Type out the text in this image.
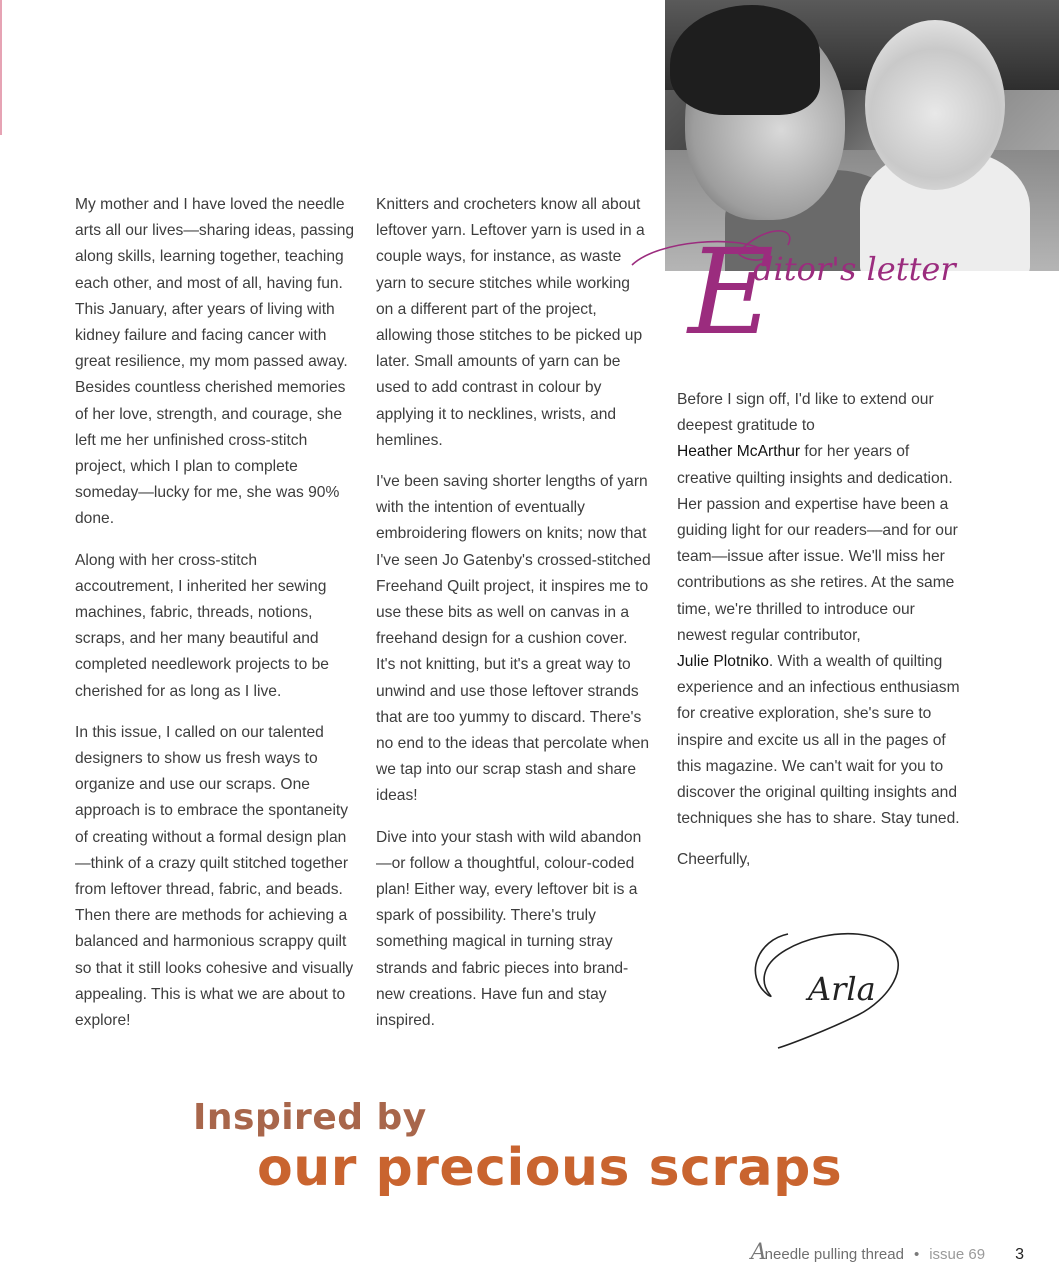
E
ditor's letter

My mother and I have loved the needle arts all our lives—sharing ideas, passing along skills, learning together, teaching each other, and most of all, having fun. This January, after years of living with kidney failure and facing cancer with great resilience, my mom passed away. Besides countless cherished memories of her love, strength, and courage, she left me her unfinished cross-stitch project, which I plan to complete someday—lucky for me, she was 90% done.

Along with her cross-stitch accoutrement, I inherited her sewing machines, fabric, threads, notions, scraps, and her many beautiful and completed needlework projects to be cherished for as long as I live.

In this issue, I called on our talented designers to show us fresh ways to organize and use our scraps. One approach is to embrace the spontaneity of creating without a formal design plan—think of a crazy quilt stitched together from leftover thread, fabric, and beads. Then there are methods for achieving a balanced and harmonious scrappy quilt so that it still looks cohesive and visually appealing. This is what we are about to explore!

Knitters and crocheters know all about leftover yarn. Leftover yarn is used in a couple ways, for instance, as waste yarn to secure stitches while working on a different part of the project, allowing those stitches to be picked up later. Small amounts of yarn can be used to add contrast in colour by applying it to necklines, wrists, and hemlines.

I've been saving shorter lengths of yarn with the intention of eventually embroidering flowers on knits; now that I've seen Jo Gatenby's crossed-stitched Freehand Quilt project, it inspires me to use these bits as well on canvas in a freehand design for a cushion cover. It's not knitting, but it's a great way to unwind and use those leftover strands that are too yummy to discard. There's no end to the ideas that percolate when we tap into our scrap stash and share ideas!

Dive into your stash with wild abandon—or follow a thoughtful, colour-coded plan! Either way, every leftover bit is a spark of possibility. There's truly something magical in turning stray strands and fabric pieces into brand-new creations. Have fun and stay inspired.

Before I sign off, I'd like to extend our deepest gratitude to
Heather McArthur for her years of creative quilting insights and dedication. Her passion and expertise have been a guiding light for our readers—and for our team—issue after issue. We'll miss her contributions as she retires. At the same time, we're thrilled to introduce our newest regular contributor,
Julie Plotniko. With a wealth of quilting experience and an infectious enthusiasm for creative exploration, she's sure to inspire and excite us all in the pages of this magazine. We can't wait for you to discover the original quilting insights and techniques she has to share. Stay tuned.

Cheerfully,

Arla
Inspired by
our precious scraps
A
needle pulling thread • issue 69 3
